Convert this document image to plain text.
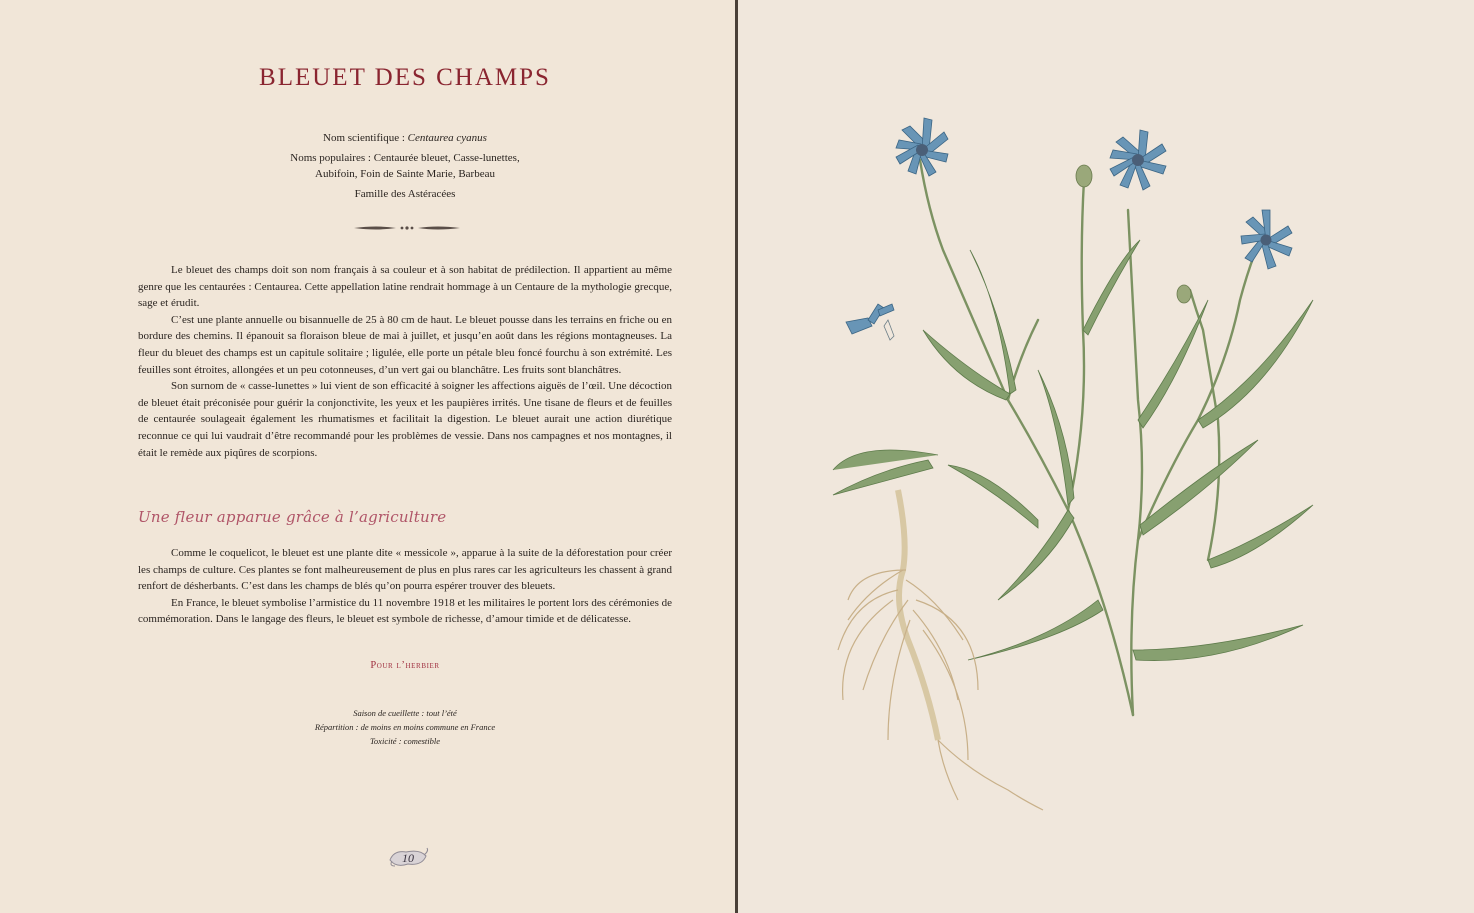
BLEUET DES CHAMPS

Nom scientifique : Centaurea cyanus

Noms populaires : Centaurée bleuet, Casse-lunettes,

Aubifoin, Foin de Sainte Marie, Barbeau

Famille des Astéracées

Le bleuet des champs doit son nom français à sa couleur et à son habitat de prédilection. Il appartient au même genre que les centaurées : Centaurea. Cette appellation latine rendrait hommage à un Centaure de la mythologie grecque, sage et érudit.

C’est une plante annuelle ou bisannuelle de 25 à 80 cm de haut. Le bleuet pousse dans les terrains en friche ou en bordure des chemins. Il épanouit sa floraison bleue de mai à juillet, et jusqu’en août dans les régions montagneuses. La fleur du bleuet des champs est un capitule solitaire ; ligulée, elle porte un pétale bleu foncé fourchu à son extrémité. Les feuilles sont étroites, allongées et un peu cotonneuses, d’un vert gai ou blanchâtre. Les fruits sont blanchâtres.

Son surnom de « casse-lunettes » lui vient de son efficacité à soigner les affections aiguës de l’œil. Une décoction de bleuet était préconisée pour guérir la conjonctivite, les yeux et les paupières irrités. Une tisane de fleurs et de feuilles de centaurée soulageait également les rhumatismes et facilitait la digestion. Le bleuet aurait une action diurétique reconnue ce qui lui vaudrait d’être recommandé pour les problèmes de vessie. Dans nos campagnes et nos montagnes, il était le remède aux piqûres de scorpions.

Une fleur apparue grâce à l’agriculture

Comme le coquelicot, le bleuet est une plante dite « messicole », apparue à la suite de la déforestation pour créer les champs de culture. Ces plantes se font malheureusement de plus en plus rares car les agriculteurs les chassent à grand renfort de désherbants. C’est dans les champs de blés qu’on pourra espérer trouver des bleuets.

En France, le bleuet symbolise l’armistice du 11 novembre 1918 et les militaires le portent lors des cérémonies de commémoration. Dans le langage des fleurs, le bleuet est symbole de richesse, d’amour timide et de délicatesse.

Pour l’herbier
Saison de cueillette : tout l’été
Répartition : de moins en moins commune en France
Toxicité : comestible
10
